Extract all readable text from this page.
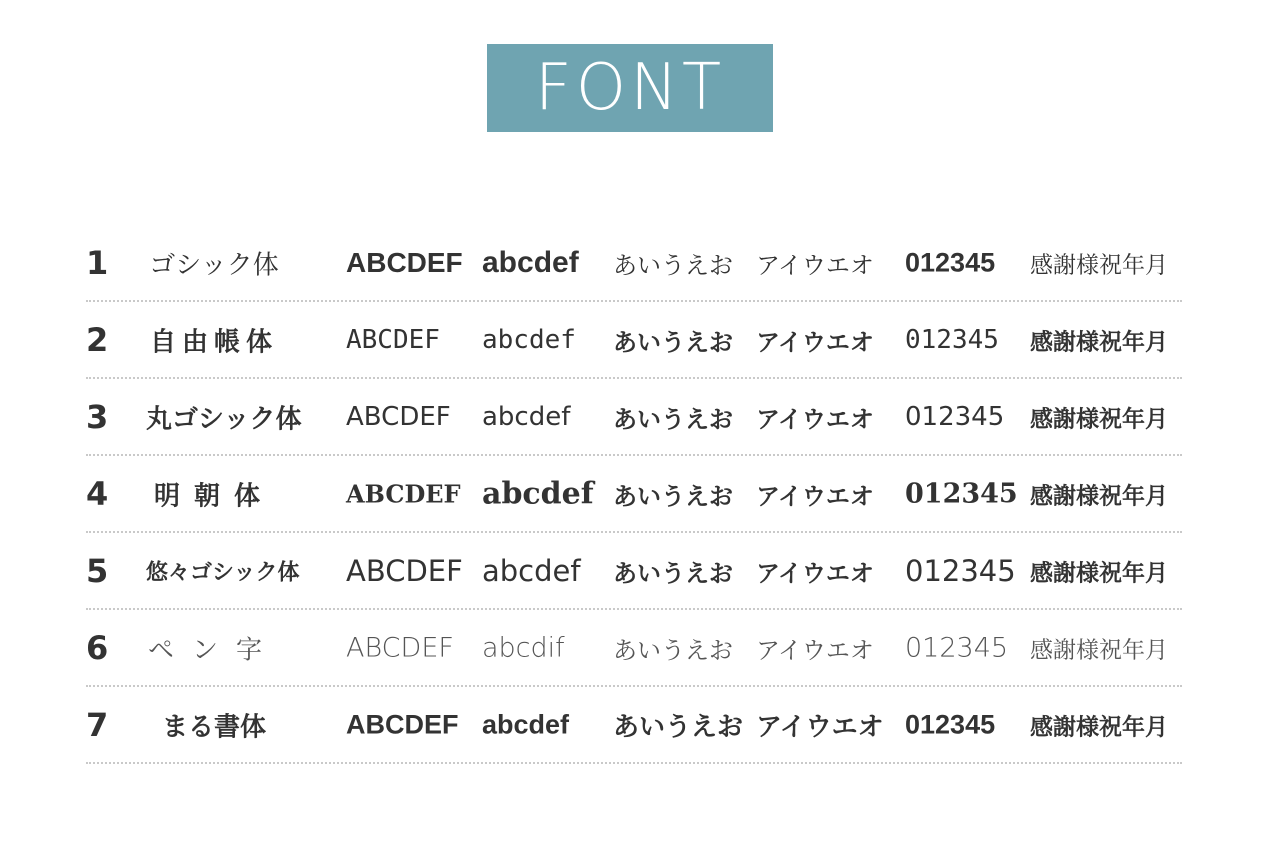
FONT
1 ゴシック体 ABCDEF abcdef あいうえお アイウエオ 012345 感謝様祝年月
2 自由帳体	ABCDEF abcdef あいうえお アイウエオ 012345 感謝様祝年月
3 丸ゴシック体 ABCDEF abcdef あいうえお アイウエオ 012345 感謝様祝年月
4	明朝体	ABCDEF abcdef あいうえお アイウエオ 012345 感謝様祝年月
5 悠々ゴシック体 ABCDEF abcdef あいうえお アイウエオ 012345 感謝様祝年月
6 ペン字 ABCDEF abcdif あいうえお アイウエオ 012345 感謝様祝年月
7	まる書体	ABCDEF abcdef あいうえお アイウエオ 012345 感謝様祝年月
